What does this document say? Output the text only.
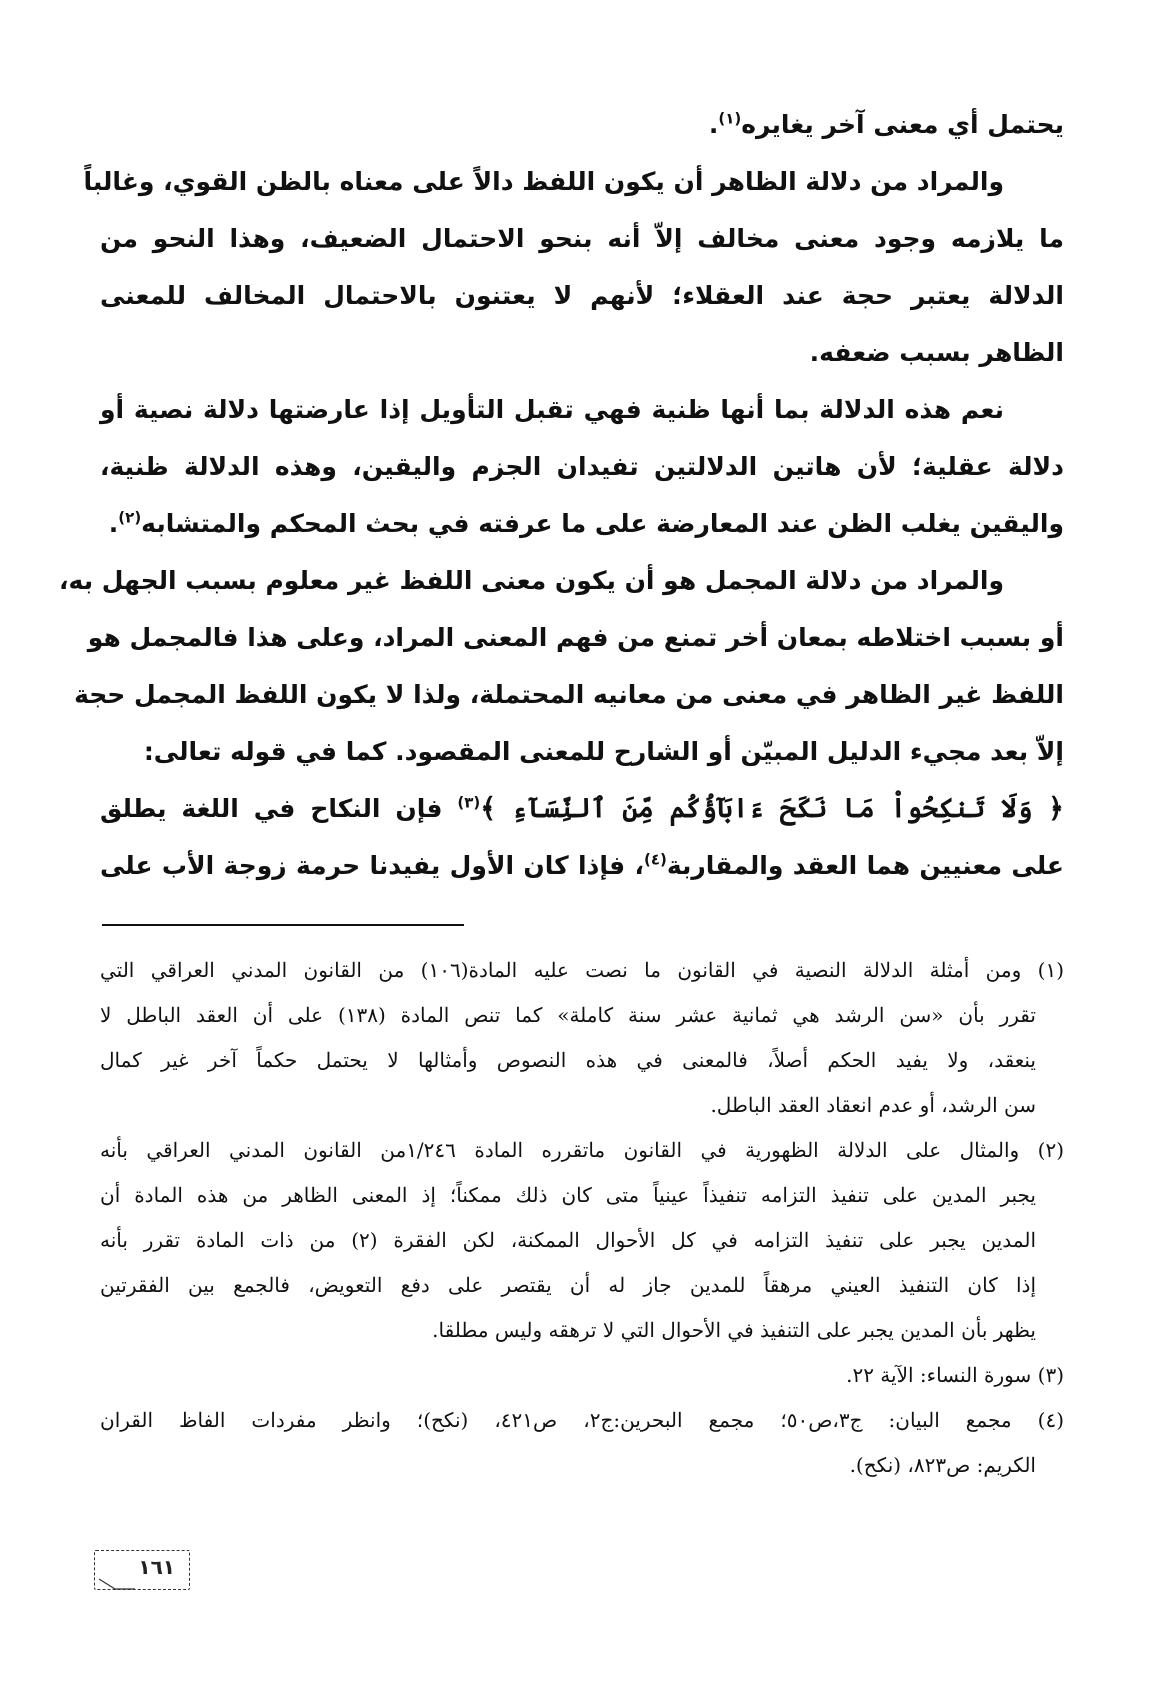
يحتمل أي معنى آخر يغايره$^{(١)}$.
والمراد من دلالة الظاهر أن يكون اللفظ دالاً على معناه بالظن القوي، وغالباً
ما يلازمه وجود معنى مخالف إلاّ أنه بنحو الاحتمال الضعيف، وهذا النحو من
الدلالة يعتبر حجة عند العقلاء؛ لأنهم لا يعتنون بالاحتمال المخالف للمعنى
الظاهر بسبب ضعفه.
نعم هذه الدلالة بما أنها ظنية فهي تقبل التأويل إذا عارضتها دلالة نصية أو
دلالة عقلية؛ لأن هاتين الدلالتين تفيدان الجزم واليقين، وهذه الدلالة ظنية،
واليقين يغلب الظن عند المعارضة على ما عرفته في بحث المحكم والمتشابه$^{(٢)}$.
والمراد من دلالة المجمل هو أن يكون معنى اللفظ غير معلوم بسبب الجهل به،
أو بسبب اختلاطه بمعان أخر تمنع من فهم المعنى المراد، وعلى هذا فالمجمل هو
اللفظ غير الظاهر في معنى من معانيه المحتملة، ولذا لا يكون اللفظ المجمل حجة
إلاّ بعد مجيء الدليل المبيّن أو الشارح للمعنى المقصود. كما في قوله تعالى:
﴿ وَلَا تَنكِحُواْ مَا نَكَحَ ءَابَآؤُكُم مِّنَ ٱلنِّسَآءِ ﴾$^{(٣)}$ فإن النكاح في اللغة يطلق
على معنيين هما العقد والمقاربة$^{(٤)}$، فإذا كان الأول يفيدنا حرمة زوجة الأب على
(١) ومن أمثلة الدلالة النصية في القانون ما نصت عليه المادة(١٠٦) من القانون المدني العراقي التي
تقرر بأن «سن الرشد هي ثمانية عشر سنة كاملة» كما تنص المادة (١٣٨) على أن العقد الباطل لا
ينعقد، ولا يفيد الحكم أصلاً، فالمعنى في هذه النصوص وأمثالها لا يحتمل حكماً آخر غير كمال
سن الرشد، أو عدم انعقاد العقد الباطل.
(٢) والمثال على الدلالة الظهورية في القانون ماتقرره المادة ١/٢٤٦من القانون المدني العراقي بأنه
يجبر المدين على تنفيذ التزامه تنفيذاً عينياً متى كان ذلك ممكناً؛ إذ المعنى الظاهر من هذه المادة أن
المدين يجبر على تنفيذ التزامه في كل الأحوال الممكنة، لكن الفقرة (٢) من ذات المادة تقرر بأنه
إذا كان التنفيذ العيني مرهقاً للمدين جاز له أن يقتصر على دفع التعويض، فالجمع بين الفقرتين
يظهر بأن المدين يجبر على التنفيذ في الأحوال التي لا ترهقه وليس مطلقا.
(٣) سورة النساء: الآية ٢٢.
(٤) مجمع البيان: ج٣،ص٥٠؛ مجمع البحرين:ج٢، ص٤٢١، (نكح)؛ وانظر مفردات الفاظ القران
الكريم: ص٨٢٣، (نكح).
١٦١
